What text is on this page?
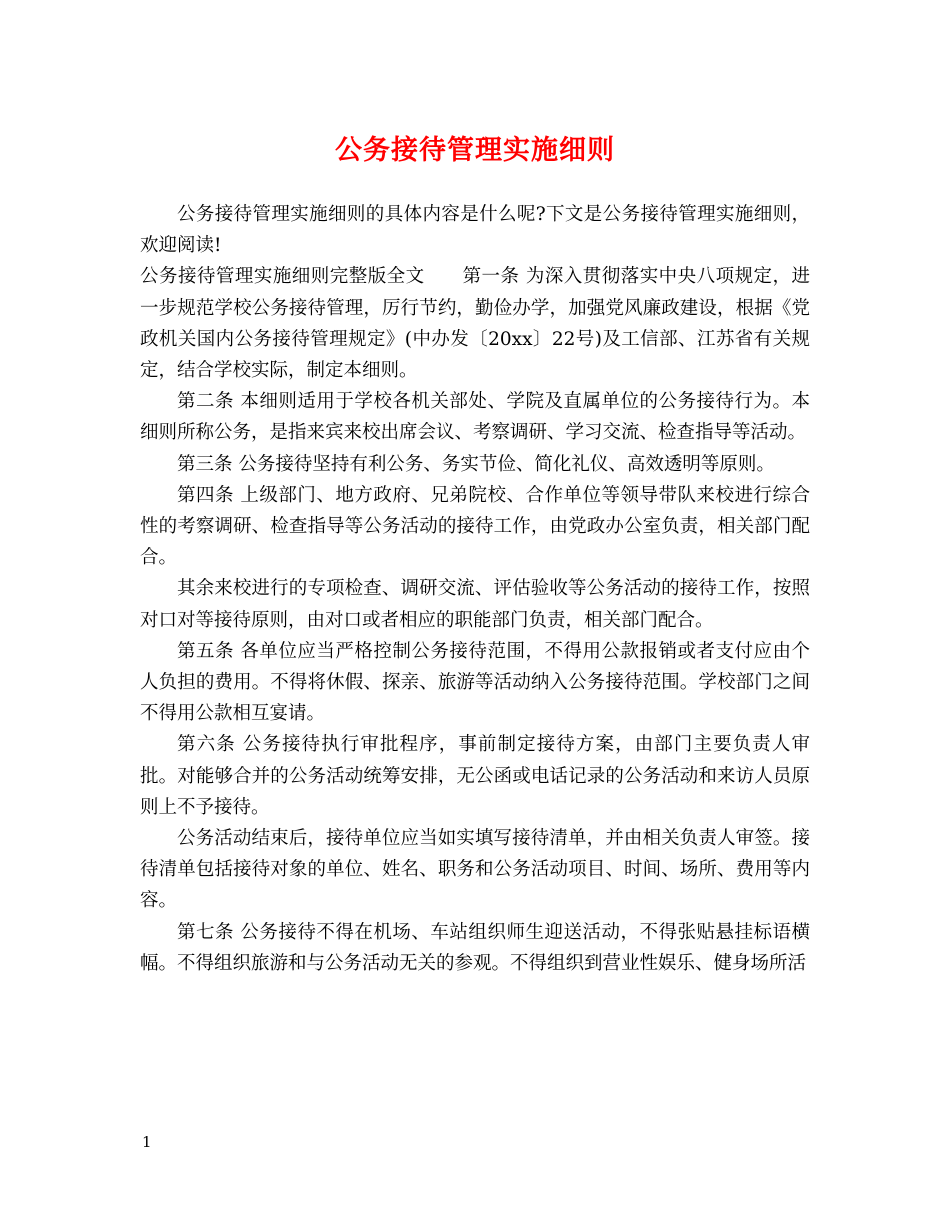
公务接待管理实施细则

公务接待管理实施细则的具体内容是什么呢?下文是公务接待管理实施细则，欢迎阅读!

公务接待管理实施细则完整版全文　　第一条 为深入贯彻落实中央八项规定，进一步规范学校公务接待管理，厉行节约，勤俭办学，加强党风廉政建设，根据《党政机关国内公务接待管理规定》(中办发〔20xx〕22号)及工信部、江苏省有关规定，结合学校实际，制定本细则。

第二条 本细则适用于学校各机关部处、学院及直属单位的公务接待行为。本细则所称公务，是指来宾来校出席会议、考察调研、学习交流、检查指导等活动。

第三条 公务接待坚持有利公务、务实节俭、简化礼仪、高效透明等原则。

第四条 上级部门、地方政府、兄弟院校、合作单位等领导带队来校进行综合性的考察调研、检查指导等公务活动的接待工作，由党政办公室负责，相关部门配合。

其余来校进行的专项检查、调研交流、评估验收等公务活动的接待工作，按照对口对等接待原则，由对口或者相应的职能部门负责，相关部门配合。

第五条 各单位应当严格控制公务接待范围，不得用公款报销或者支付应由个人负担的费用。不得将休假、探亲、旅游等活动纳入公务接待范围。学校部门之间不得用公款相互宴请。

第六条 公务接待执行审批程序，事前制定接待方案，由部门主要负责人审批。对能够合并的公务活动统筹安排，无公函或电话记录的公务活动和来访人员原则上不予接待。

公务活动结束后，接待单位应当如实填写接待清单，并由相关负责人审签。接待清单包括接待对象的单位、姓名、职务和公务活动项目、时间、场所、费用等内容。

第七条 公务接待不得在机场、车站组织师生迎送活动，不得张贴悬挂标语横幅。不得组织旅游和与公务活动无关的参观。不得组织到营业性娱乐、健身场所活

1
